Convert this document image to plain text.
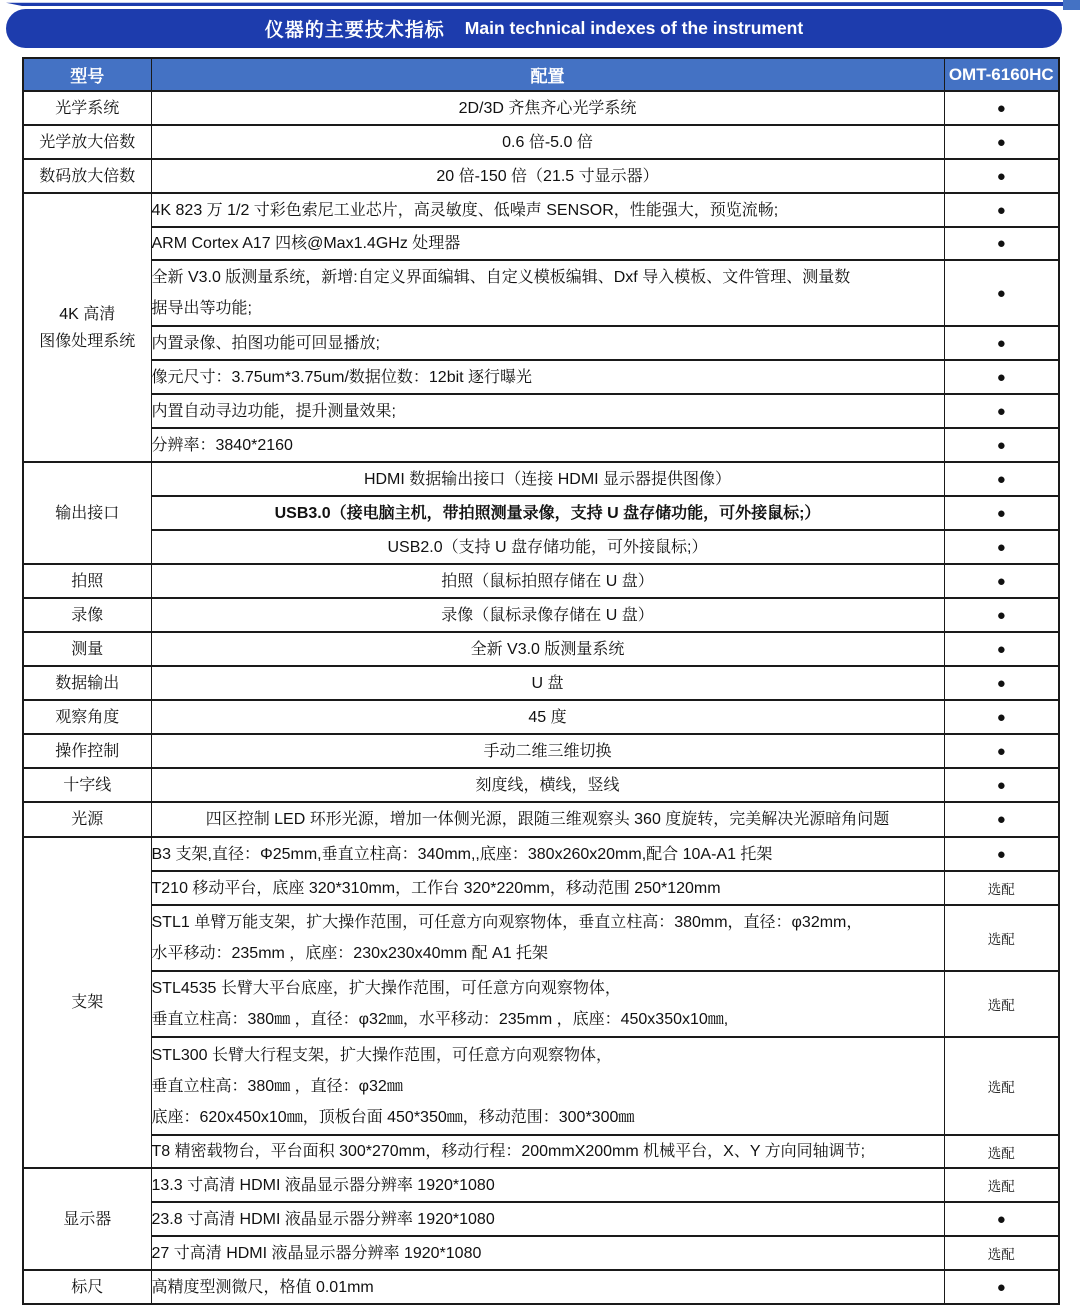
仪器的主要技术指标 Main technical indexes of the instrument
型号	配置	OMT-6160HC
光学系统	2D/3D 齐焦齐心光学系统	●
光学放大倍数	0.6 倍-5.0 倍	●
数码放大倍数	20 倍-150 倍（21.5 寸显示器）	●
4K 高清
图像处理系统	4K 823 万 1/2 寸彩色索尼工业芯片，高灵敏度、低噪声 SENSOR，性能强大，预览流畅;	●
	ARM Cortex A17 四核@Max1.4GHz 处理器	●
	全新 V3.0 版测量系统，新增:自定义界面编辑、自定义模板编辑、Dxf 导入模板、文件管理、测量数
据导出等功能;	●
	内置录像、拍图功能可回显播放;	●
	像元尺寸：3.75um*3.75um/数据位数：12bit 逐行曝光	●
	内置自动寻边功能，提升测量效果;	●
	分辨率：3840*2160	●
输出接口	HDMI 数据输出接口（连接 HDMI 显示器提供图像）	●
	USB3.0（接电脑主机，带拍照测量录像，支持 U 盘存储功能，可外接鼠标;）	●
	USB2.0（支持 U 盘存储功能，可外接鼠标;）	●
拍照	拍照（鼠标拍照存储在 U 盘）	●
录像	录像（鼠标录像存储在 U 盘）	●
测量	全新 V3.0 版测量系统	●
数据输出	U 盘	●
观察角度	45 度	●
操作控制	手动二维三维切换	●
十字线	刻度线，横线，竖线	●
光源	四区控制 LED 环形光源，增加一体侧光源，跟随三维观察头 360 度旋转，完美解决光源暗角问题	●
支架	B3 支架,直径：Φ25mm,垂直立柱高：340mm,,底座：380x260x20mm,配合 10A-A1 托架	●
	T210 移动平台，底座 320*310mm，工作台 320*220mm，移动范围 250*120mm	选配
	STL1 单臂万能支架，扩大操作范围，可任意方向观察物体，垂直立柱高：380mm，直径：φ32mm，
水平移动：235mm ，底座：230x230x40mm 配 A1 托架	选配
	STL4535 长臂大平台底座，扩大操作范围，可任意方向观察物体，
垂直立柱高：380㎜ ，直径：φ32㎜，水平移动：235mm ，底座：450x350x10㎜,	选配
	STL300 长臂大行程支架，扩大操作范围，可任意方向观察物体，
垂直立柱高：380㎜ ，直径：φ32㎜
底座：620x450x10㎜，顶板台面 450*350㎜，移动范围：300*300㎜	选配
	T8 精密载物台，平台面积 300*270mm，移动行程：200mmX200mm 机械平台，X、Y 方向同轴调节;	选配
显示器	13.3 寸高清 HDMI 液晶显示器分辨率 1920*1080	选配
	23.8 寸高清 HDMI 液晶显示器分辨率 1920*1080	●
	27 寸高清 HDMI 液晶显示器分辨率 1920*1080	选配
标尺	高精度型测微尺，格值 0.01mm	●
